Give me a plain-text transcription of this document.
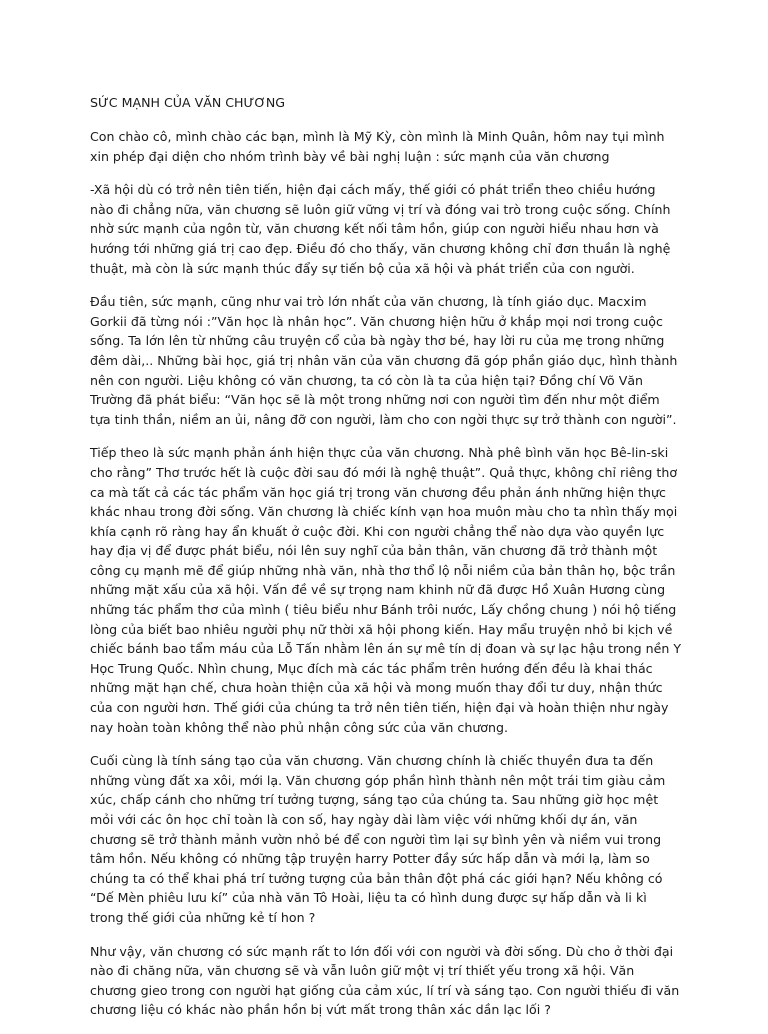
SỨC MẠNH CỦA VĂN CHƯƠNG

Con chào cô, mình chào các bạn, mình là Mỹ Kỳ, còn mình là Minh Quân, hôm nay tụi mình xin phép đại diện cho nhóm trình bày về bài nghị luận : sức mạnh của văn chương

-Xã hội dù có trở nên tiên tiến, hiện đại cách mấy, thế giới có phát triển theo chiều hướng nào đi chẳng nữa, văn chương sẽ luôn giữ vững vị trí và đóng vai trò trong cuộc sống. Chính nhờ sức mạnh của ngôn từ, văn chương kết nối tâm hồn, giúp con người hiểu nhau hơn và hướng tới những giá trị cao đẹp. Điều đó cho thấy, văn chương không chỉ đơn thuần là nghệ thuật, mà còn là sức mạnh thúc đẩy sự tiến bộ của xã hội và phát triển của con người.

Đầu tiên, sức mạnh, cũng như vai trò lớn nhất của văn chương, là tính giáo dục. Macxim Gorkii đã từng nói :”Văn học là nhân học”. Văn chương hiện hữu ở khắp mọi nơi trong cuộc sống. Ta lớn lên từ những câu truyện cổ của bà ngày thơ bé, hay lời ru của mẹ trong những đêm dài,.. Những bài học, giá trị nhân văn của văn chương đã góp phần giáo dục, hình thành nên con người. Liệu không có văn chương, ta có còn là ta của hiện tại? Đồng chí Võ Văn Trường đã phát biểu: “Văn học sẽ là một trong những nơi con người tìm đến như một điểm tựa tinh thần, niềm an ủi, nâng đỡ con người, làm cho con ngời thực sự trở thành con người”.

Tiếp theo là sức mạnh phản ánh hiện thực của văn chương. Nhà phê bình văn học Bê-lin-ski cho rằng” Thơ trước hết là cuộc đời sau đó mới là nghệ thuật”. Quả thực, không chỉ riêng thơ ca mà tất cả các tác phẩm văn học giá trị trong văn chương đều phản ánh những hiện thực khác nhau trong đời sống. Văn chương là chiếc kính vạn hoa muôn màu cho ta nhìn thấy mọi khía cạnh rõ ràng hay ẩn khuất ở cuộc đời. Khi con người chẳng thể nào dựa vào quyền lực hay địa vị để được phát biểu, nói lên suy nghĩ của bản thân, văn chương đã trở thành một công cụ mạnh mẽ để giúp những nhà văn, nhà thơ thổ lộ nỗi niềm của bản thân họ, bộc trần những mặt xấu của xã hội. Vấn đề về sự trọng nam khinh nữ đã được Hồ Xuân Hương cùng những tác phẩm thơ của mình ( tiêu biểu như Bánh trôi nước, Lấy chồng chung ) nói hộ tiếng lòng của biết bao nhiêu người phụ nữ thời xã hội phong kiến. Hay mẩu truyện nhỏ bi kịch về chiếc bánh bao tẩm máu của Lỗ Tấn nhằm lên án sự mê tín dị đoan và sự lạc hậu trong nền Y Học Trung Quốc. Nhìn chung, Mục đích mà các tác phẩm trên hướng đến đều là khai thác những mặt hạn chế, chưa hoàn thiện của xã hội và mong muốn thay đổi tư duy, nhận thức của con người hơn. Thế giới của chúng ta trở nên tiên tiến, hiện đại và hoàn thiện như ngày nay hoàn toàn không thể nào phủ nhận công sức của văn chương.

Cuối cùng là tính sáng tạo của văn chương. Văn chương chính là chiếc thuyền đưa ta đến những vùng đất xa xôi, mới lạ. Văn chương góp phần hình thành nên một trái tim giàu cảm xúc, chấp cánh cho những trí tưởng tượng, sáng tạo của chúng ta. Sau những giờ học mệt mỏi với các ôn học chỉ toàn là con số, hay ngày dài làm việc với những khối dự án, văn chương sẽ trở thành mảnh vườn nhỏ bé để con người tìm lại sự bình yên và niềm vui trong tâm hồn. Nếu không có những tập truyện harry Potter đầy sức hấp dẫn và mới lạ, làm so chúng ta có thể khai phá trí tưởng tượng của bản thân đột phá các giới hạn? Nếu không có “Dế Mèn phiêu lưu kí” của nhà văn Tô Hoài, liệu ta có hình dung được sự hấp dẫn và li kì trong thế giới của những kẻ tí hon ?

Như vậy, văn chương có sức mạnh rất to lớn đối với con người và đời sống. Dù cho ở thời đại nào đi chăng nữa, văn chương sẽ và vẫn luôn giữ một vị trí thiết yếu trong xã hội. Văn chương gieo trong con người hạt giống của cảm xúc, lí trí và sáng tạo. Con người thiếu đi văn chương liệu có khác nào phần hồn bị vứt mất trong thân xác dần lạc lối ?
